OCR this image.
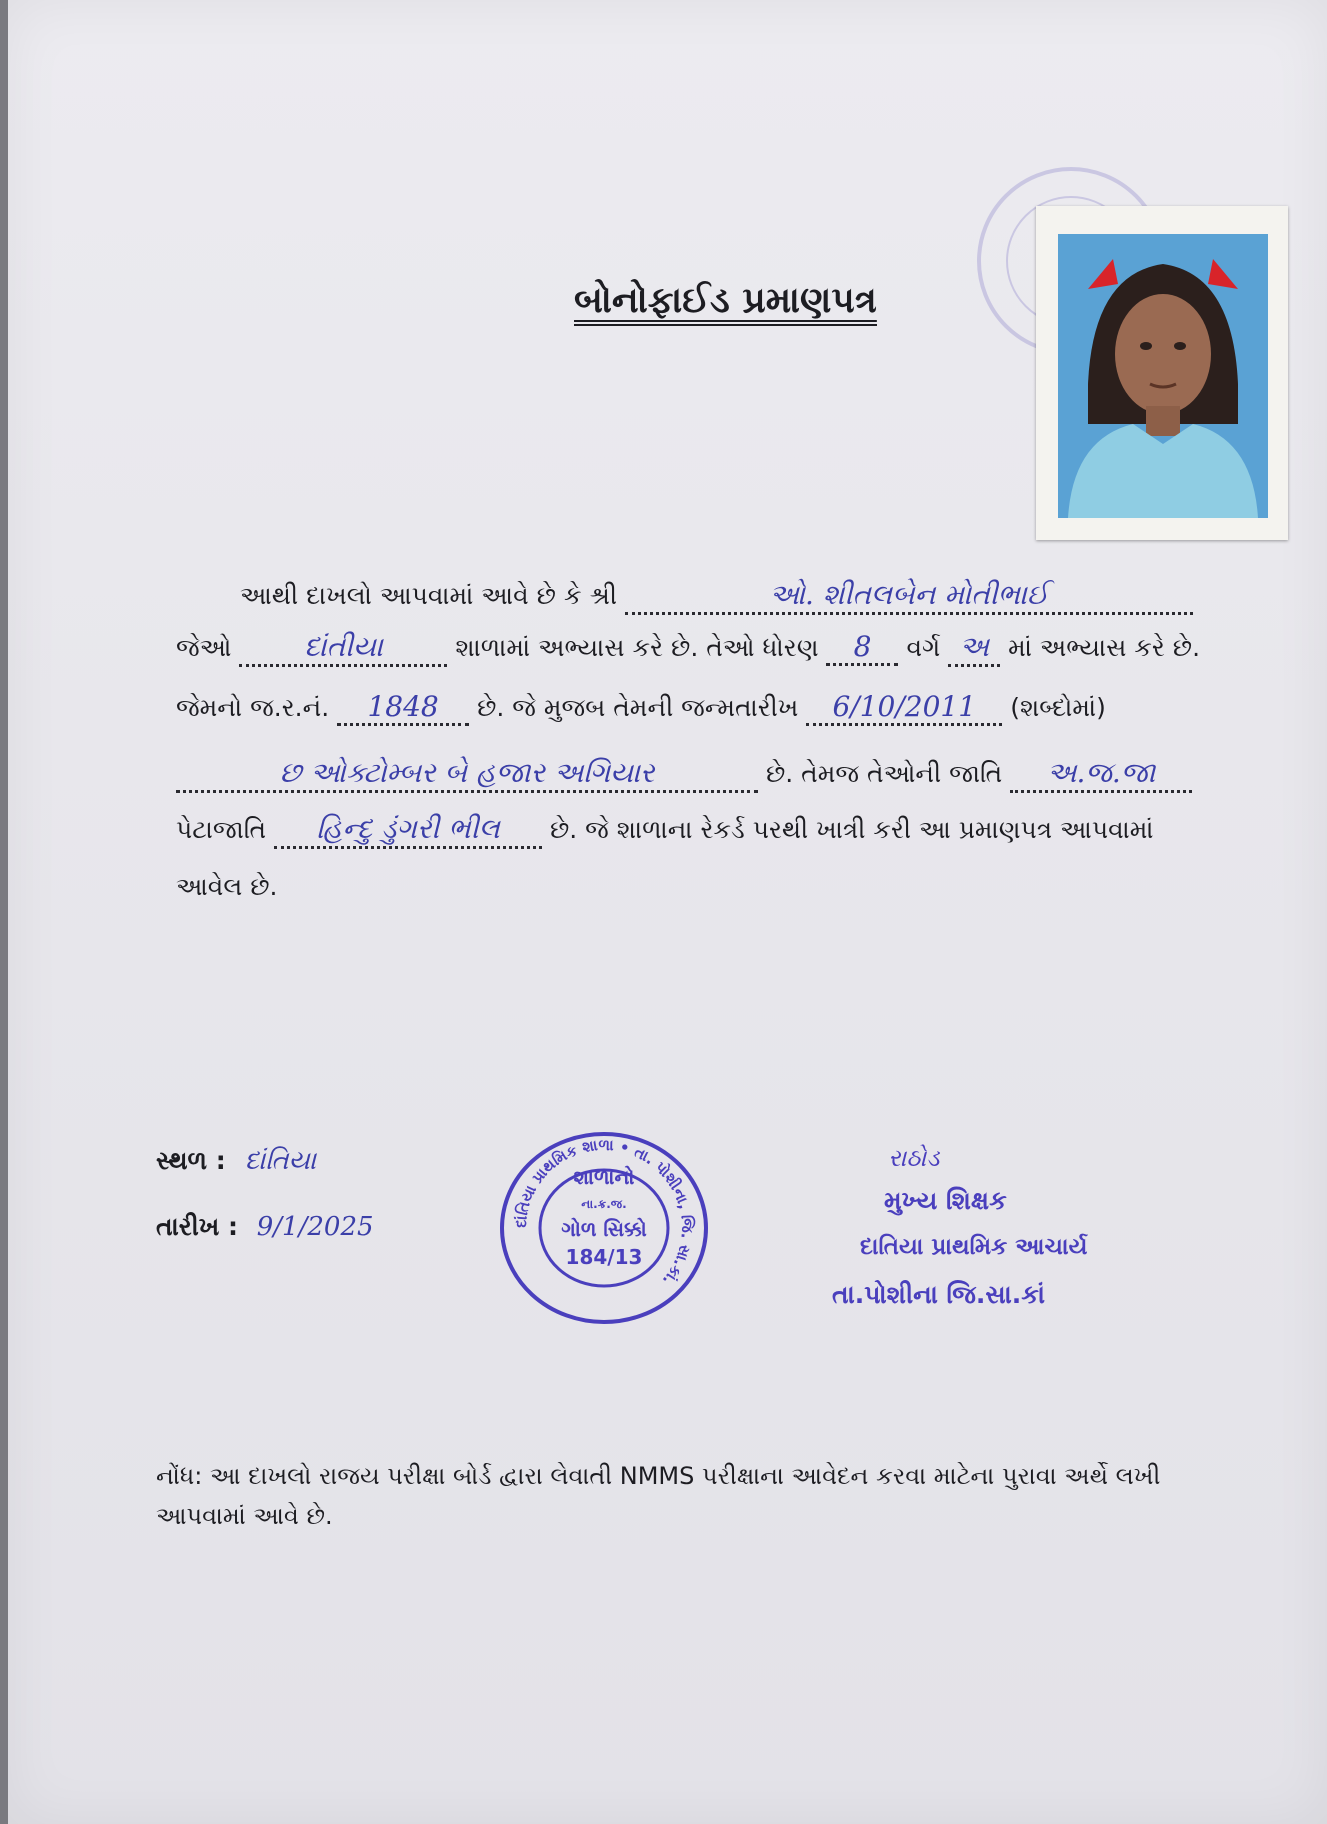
બોનોફાઈડ પ્રમાણપત્ર
આથી દાખલો આપવામાં આવે છે કે શ્રી	ઓ. શીતલબેન મોતીભાઈ
જેઓ	દાંતીયા	શાળામાં અભ્યાસ કરે છે. તેઓ ધોરણ 8 વર્ગ અ માં અભ્યાસ કરે છે.
જેમનો જ.ર.નં. 1848 છે. જે મુજબ તેમની જન્મતારીખ 6/10/2011 (શબ્દોમાં)
છ ઓક્ટોમ્બર બે હજાર અગિયાર	છે. તેમજ તેઓની જાતિ અ.જ.જા
પેટાજાતિ હિન્દુ ડુંગરી ભીલ છે. જે શાળાના રેકર્ડ પરથી ખાત્રી કરી આ પ્રમાણપત્ર આપવામાં
આવેલ છે.
સ્થળ : દાંતિયા
તારીખ : 9/1/2025	દાંતિયા પ્રાથમિક શાળા • તા. પોશીના, જિ. સા.કાં.
શાળાનો
ના.ક્ર.જ.
ગોળ સિક્કો
184/13
રાઠોડ
મુખ્ય શિક્ષક
દાતિયા પ્રાથમિક આચાર્ય
તા.પોશીના જિ.સા.કાં
નોંધ: આ દાખલો રાજય પરીક્ષા બોર્ડ દ્વારા લેવાતી NMMS પરીક્ષાના આવેદન કરવા માટેના પુરાવા અર્થે લખી આપવામાં આવે છે.
